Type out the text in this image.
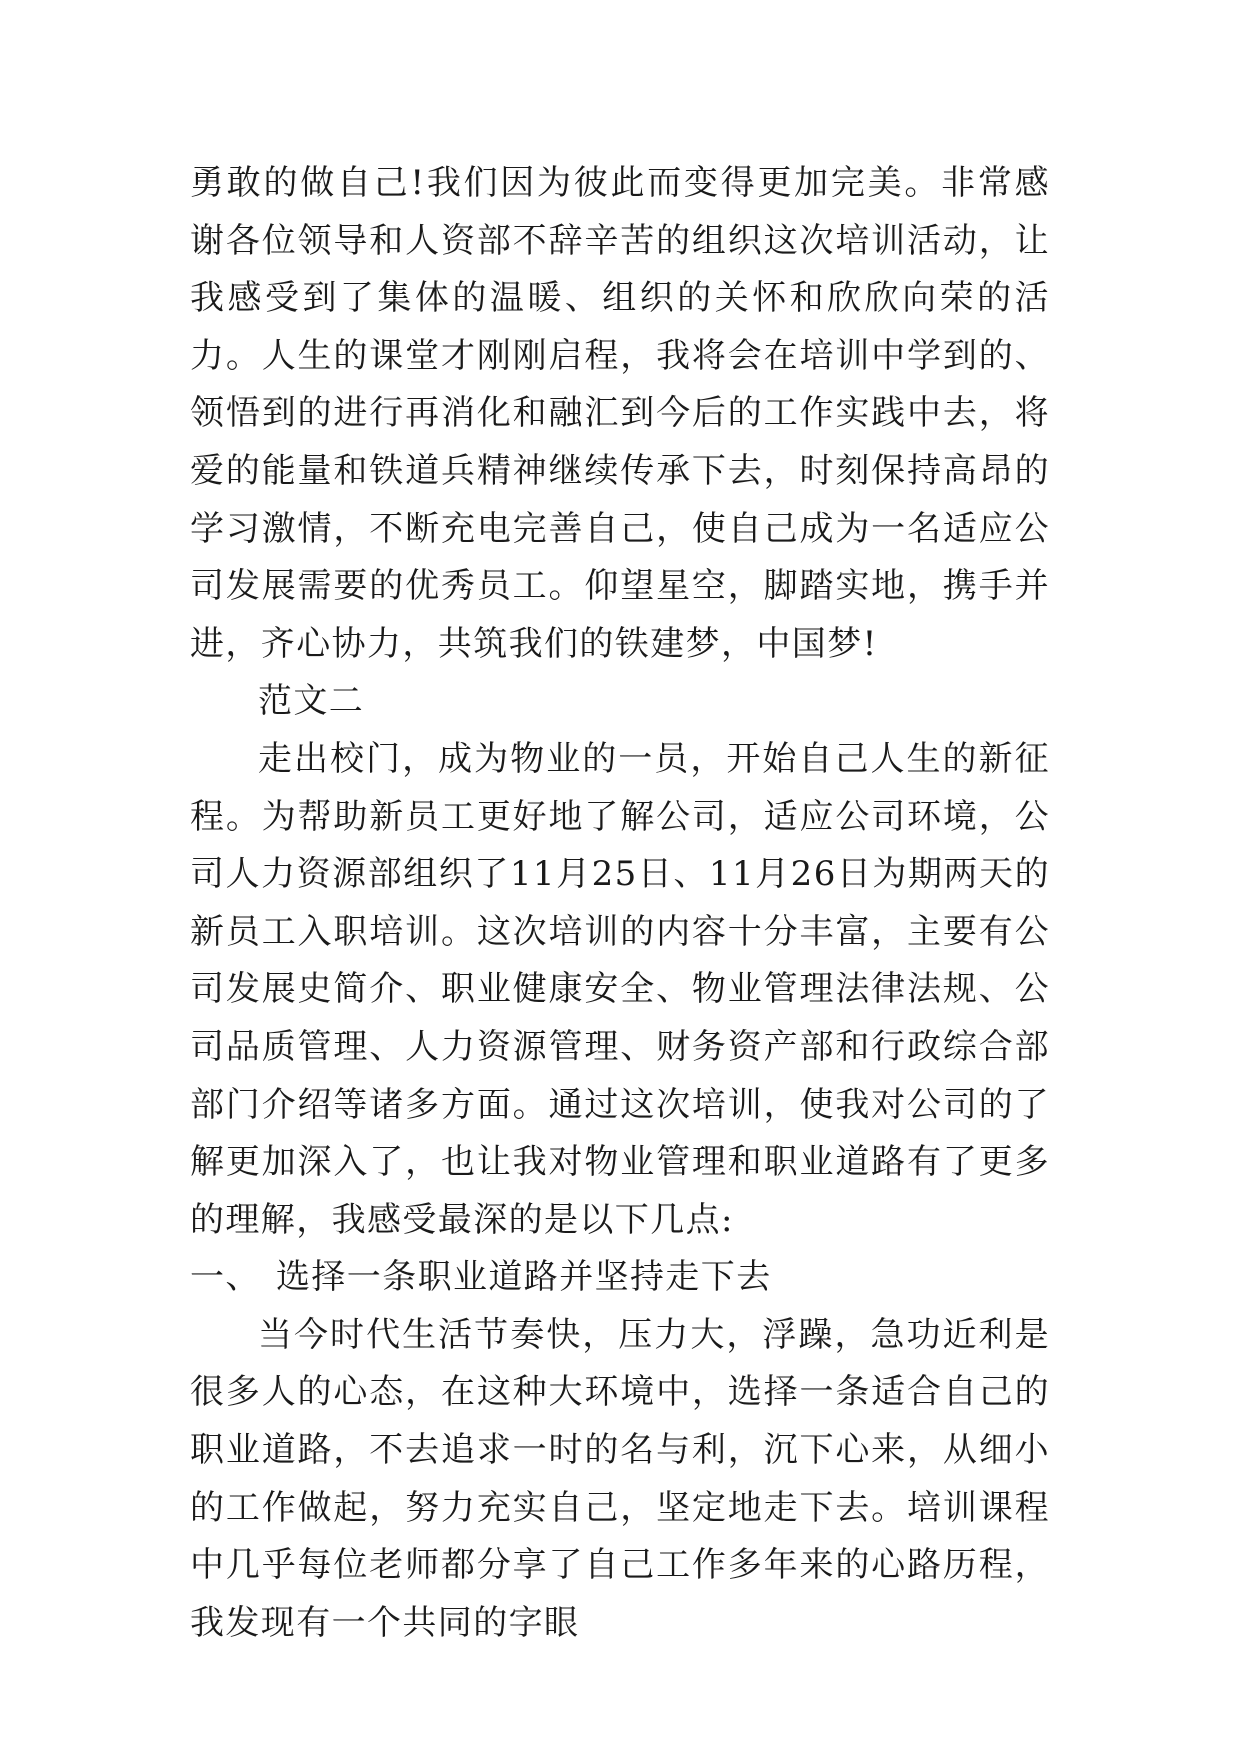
勇敢的做自己!我们因为彼此而变得更加完美。非常感谢各位领导和人资部不辞辛苦的组织这次培训活动，让我感受到了集体的温暖、组织的关怀和欣欣向荣的活力。人生的课堂才刚刚启程，我将会在培训中学到的、领悟到的进行再消化和融汇到今后的工作实践中去，将爱的能量和铁道兵精神继续传承下去，时刻保持高昂的学习激情，不断充电完善自己，使自己成为一名适应公司发展需要的优秀员工。仰望星空，脚踏实地，携手并进，齐心协力，共筑我们的铁建梦，中国梦!

范文二

走出校门，成为物业的一员，开始自己人生的新征程。为帮助新员工更好地了解公司，适应公司环境，公司人力资源部组织了11月25日、11月26日为期两天的新员工入职培训。这次培训的内容十分丰富，主要有公司发展史简介、职业健康安全、物业管理法律法规、公司品质管理、人力资源管理、财务资产部和行政综合部部门介绍等诸多方面。通过这次培训，使我对公司的了解更加深入了，也让我对物业管理和职业道路有了更多的理解，我感受最深的是以下几点:

一、 选择一条职业道路并坚持走下去

当今时代生活节奏快，压力大，浮躁，急功近利是很多人的心态，在这种大环境中，选择一条适合自己的职业道路，不去追求一时的名与利，沉下心来，从细小的工作做起，努力充实自己，坚定地走下去。培训课程中几乎每位老师都分享了自己工作多年来的心路历程，我发现有一个共同的字眼
